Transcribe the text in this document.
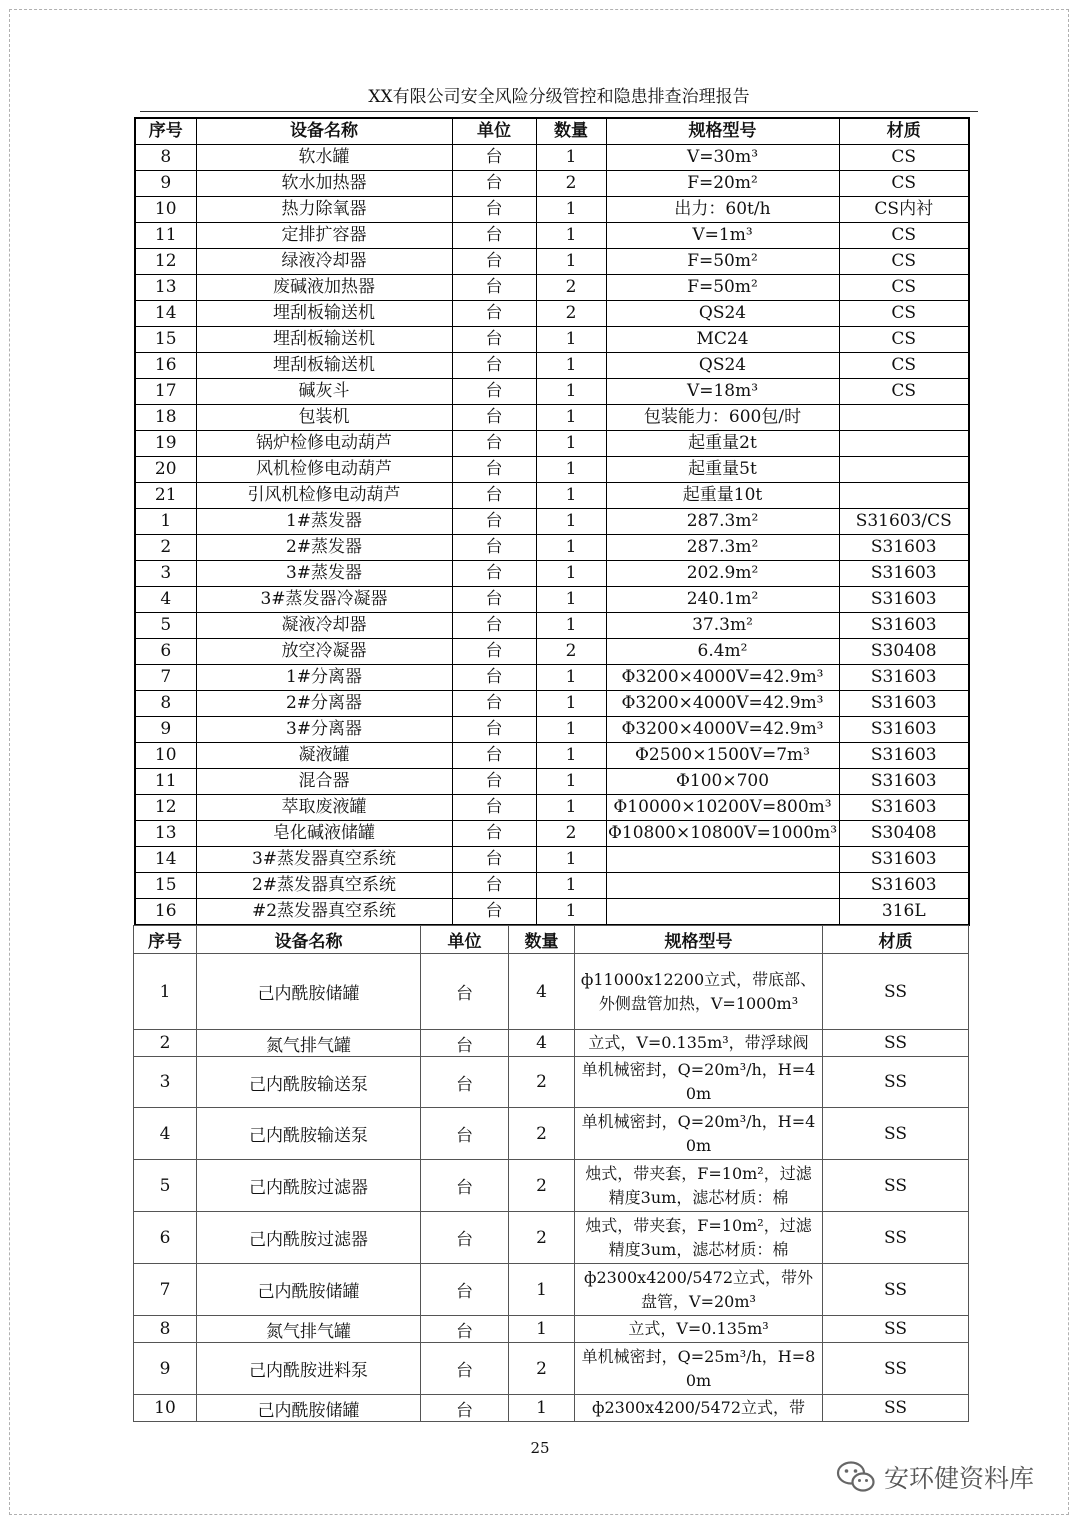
XX有限公司安全风险分级管控和隐患排查治理报告
序号	设备名称	单位	数量	规格型号	材质
8	软水罐	台	1	V=30m³	CS
9	软水加热器	台	2	F=20m²	CS
10	热力除氧器	台	1	出力：60t/h	CS内衬
11	定排扩容器	台	1	V=1m³	CS
12	绿液冷却器	台	1	F=50m²	CS
13	废碱液加热器	台	2	F=50m²	CS
14	埋刮板输送机	台	2	QS24	CS
15	埋刮板输送机	台	1	MC24	CS
16	埋刮板输送机	台	1	QS24	CS
17	碱灰斗	台	1	V=18m³	CS
18	包装机	台	1	包装能力：600包/时	
19	锅炉检修电动葫芦	台	1	起重量2t	
20	风机检修电动葫芦	台	1	起重量5t	
21	引风机检修电动葫芦	台	1	起重量10t	
1	1#蒸发器	台	1	287.3m²	S31603/CS
2	2#蒸发器	台	1	287.3m²	S31603
3	3#蒸发器	台	1	202.9m²	S31603
4	3#蒸发器冷凝器	台	1	240.1m²	S31603
5	凝液冷却器	台	1	37.3m²	S31603
6	放空冷凝器	台	2	6.4m²	S30408
7	1#分离器	台	1	Φ3200×4000V=42.9m³	S31603
8	2#分离器	台	1	Φ3200×4000V=42.9m³	S31603
9	3#分离器	台	1	Φ3200×4000V=42.9m³	S31603
10	凝液罐	台	1	Φ2500×1500V=7m³	S31603
11	混合器	台	1	Φ100×700	S31603
12	萃取废液罐	台	1	Φ10000×10200V=800m³	S31603
13	皂化碱液储罐	台	2	Φ10800×10800V=1000m³	S30408
14	3#蒸发器真空系统	台	1		S31603
15	2#蒸发器真空系统	台	1		S31603
16	#2蒸发器真空系统	台	1		316L
序号	设备名称	单位	数量	规格型号	材质
1	己内酰胺储罐	台	4	ф11000x12200立式，带底部、外侧盘管加热，V=1000m³	SS
2	氮气排气罐	台	4	立式，V=0.135m³，带浮球阀	SS
3	己内酰胺输送泵	台	2	单机械密封，Q=20m³/h，H=40m	SS
4	己内酰胺输送泵	台	2	单机械密封，Q=20m³/h，H=40m	SS
5	己内酰胺过滤器	台	2	烛式，带夹套，F=10m²，过滤精度3um，滤芯材质：棉	SS
6	己内酰胺过滤器	台	2	烛式，带夹套，F=10m²，过滤精度3um，滤芯材质：棉	SS
7	己内酰胺储罐	台	1	ф2300x4200/5472立式，带外盘管，V=20m³	SS
8	氮气排气罐	台	1	立式，V=0.135m³	SS
9	己内酰胺进料泵	台	2	单机械密封，Q=25m³/h，H=80m	SS
10	己内酰胺储罐	台	1	ф2300x4200/5472立式，带	SS
25
安环健资料库
